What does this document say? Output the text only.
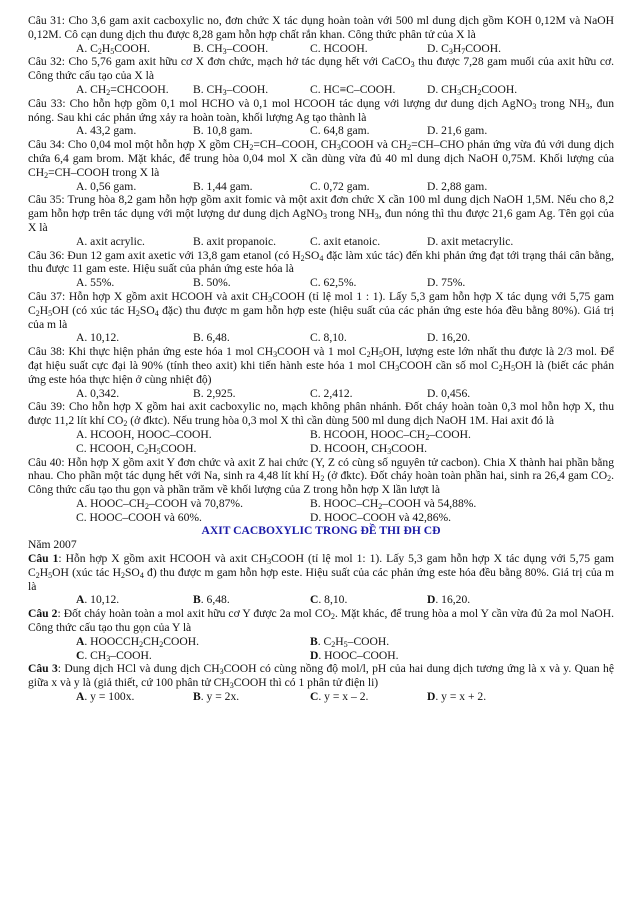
Câu 31: Cho 3,6 gam axit cacboxylic no, đơn chức X tác dụng hoàn toàn với 500 ml dung dịch gồm KOH 0,12M và NaOH 0,12M. Cô cạn dung dịch thu được 8,28 gam hỗn hợp chất rắn khan. Công thức phân tử của X là

A. $C_2H_5COOH$.	B. $CH_3$–COOH.	C. HCOOH.	D. $C_3H_7COOH$.

Câu 32: Cho 5,76 gam axit hữu cơ X đơn chức, mạch hở tác dụng hết với CaCO$_3$ thu được 7,28 gam muối của axit hữu cơ. Công thức cấu tạo của X là

A. $CH_2=CHCOOH$.	B. $CH_3$–COOH.	C. HC≡C–COOH.	D. $CH_3CH_2COOH$.

Câu 33: Cho hỗn hợp gồm 0,1 mol HCHO và 0,1 mol HCOOH tác dụng với lượng dư dung dịch AgNO$_3$ trong $NH_3$, đun nóng. Sau khi các phản ứng xảy ra hoàn toàn, khối lượng Ag tạo thành là

A. 43,2 gam.	B. 10,8 gam.	C. 64,8 gam.	D. 21,6 gam.

Câu 34: Cho 0,04 mol một hỗn hợp X gồm $CH_2=CH$–COOH, $CH_3COOH$ và $CH_2=CH$–CHO phản ứng vừa đủ với dung dịch chứa 6,4 gam brom. Mặt khác, để trung hòa 0,04 mol X cần dùng vừa đủ 40 ml dung dịch NaOH 0,75M. Khối lượng của $CH_2=CH$–COOH trong X là

A. 0,56 gam.	B. 1,44 gam.	C. 0,72 gam.	D. 2,88 gam.

Câu 35: Trung hòa 8,2 gam hỗn hợp gồm axit fomic và một axit đơn chức X cần 100 ml dung dịch NaOH 1,5M. Nếu cho 8,2 gam hỗn hợp trên tác dụng với một lượng dư dung dịch AgNO$_3$ trong $NH_3$, đun nóng thì thu được 21,6 gam Ag. Tên gọi của X là

A. axit acrylic.	B. axit propanoic.	C. axit etanoic.	D. axit metacrylic.

Câu 36: Đun 12 gam axit axetic với 13,8 gam etanol (có $H_2SO_4$ đặc làm xúc tác) đến khi phản ứng đạt tới trạng thái cân bằng, thu được 11 gam este. Hiệu suất của phản ứng este hóa là

A. 55%.	B. 50%.	C. 62,5%.	D. 75%.

Câu 37: Hỗn hợp X gồm axit HCOOH và axit $CH_3COOH$ (tỉ lệ mol 1 : 1). Lấy 5,3 gam hỗn hợp X tác dụng với 5,75 gam $C_2H_5OH$ (có xúc tác $H_2SO_4$ đặc) thu được m gam hỗn hợp este (hiệu suất của các phản ứng este hóa đều bằng 80%). Giá trị của m là

A. 10,12.	B. 6,48.	C. 8,10.	D. 16,20.

Câu 38: Khi thực hiện phản ứng este hóa 1 mol $CH_3COOH$ và 1 mol $C_2H_5OH$, lượng este lớn nhất thu được là 2/3 mol. Để đạt hiệu suất cực đại là 90% (tính theo axit) khi tiến hành este hóa 1 mol $CH_3COOH$ cần số mol $C_2H_5OH$ là (biết các phản ứng este hóa thực hiện ở cùng nhiệt độ)

A. 0,342.	B. 2,925.	C. 2,412.	D. 0,456.

Câu 39: Cho hỗn hợp X gồm hai axit cacboxylic no, mạch không phân nhánh. Đốt cháy hoàn toàn 0,3 mol hỗn hợp X, thu được 11,2 lít khí $CO_2$ (ở đktc). Nếu trung hòa 0,3 mol X thì cần dùng 500 ml dung dịch NaOH 1M. Hai axit đó là

A. HCOOH, HOOC–COOH.	B. HCOOH, HOOC–$CH_2$–COOH.
C. HCOOH, $C_2H_5COOH$.	D. HCOOH, $CH_3COOH$.

Câu 40: Hỗn hợp X gồm axit Y đơn chức và axit Z hai chức (Y, Z có cùng số nguyên tử cacbon). Chia X thành hai phần bằng nhau. Cho phần một tác dụng hết với Na, sinh ra 4,48 lít khí $H_2$ (ở đktc). Đốt cháy hoàn toàn phần hai, sinh ra 26,4 gam $CO_2$. Công thức cấu tạo thu gọn và phần trăm về khối lượng của Z trong hỗn hợp X lần lượt là

A. HOOC–$CH_2$–COOH và 70,87%.	B. HOOC–$CH_2$–COOH và 54,88%.
C. HOOC–COOH và 60%.	D. HOOC–COOH và 42,86%.

AXIT CACBOXYLIC TRONG ĐỀ THI ĐH CĐ

Năm 2007

Câu 1: Hỗn hợp X gồm axit HCOOH và axit $CH_3COOH$ (tỉ lệ mol 1: 1). Lấy 5,3 gam hỗn hợp X tác dụng với 5,75 gam $C_2H_5OH$ (xúc tác $H_2SO_4$ đ) thu được m gam hỗn hợp este. Hiệu suất của các phản ứng este hóa đều bằng 80%. Giá trị của m là

A. 10,12.	B. 6,48.	C. 8,10.	D. 16,20.

Câu 2: Đốt cháy hoàn toàn a mol axit hữu cơ Y được 2a mol $CO_2$. Mặt khác, để trung hòa a mol Y cần vừa đủ 2a mol NaOH. Công thức cấu tạo thu gọn của Y là

A. $HOOCCH_2CH_2COOH$.	B. $C_2H_5$–COOH.
C. $CH_3$–COOH.	D. HOOC–COOH.

Câu 3: Dung dịch HCl và dung dịch $CH_3COOH$ có cùng nồng độ mol/l, pH của hai dung dịch tương ứng là x và y. Quan hệ giữa x và y là (giả thiết, cứ 100 phân tử $CH_3COOH$ thì có 1 phân tử điện li)

A. y = 100x.	B. y = 2x.	C. y = x – 2.	D. y = x + 2.
